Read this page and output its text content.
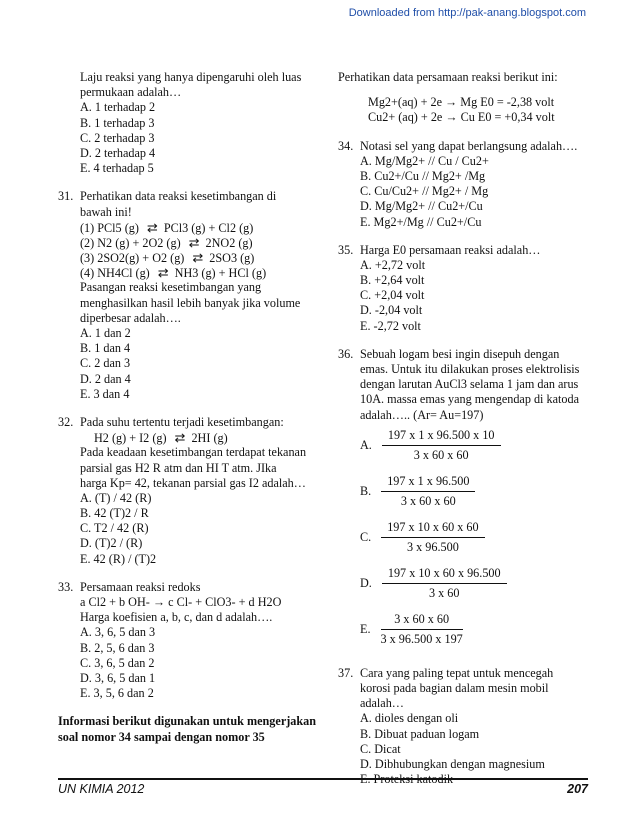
Downloaded from http://pak-anang.blogspot.com
Laju reaksi yang hanya dipengaruhi oleh luas
permukaan adalah…
A. 1 terhadap 2
B. 1 terhadap 3
C. 2 terhadap 3
D. 2 terhadap 4
E. 4 terhadap 5
31. Perhatikan data reaksi kesetimbangan di
bawah ini!
(1) PCl5 (g) ⇄ PCl3 (g) + Cl2 (g)
(2) N2 (g) + 2O2 (g) ⇄ 2NO2 (g)
(3) 2SO2(g) + O2 (g) ⇄ 2SO3 (g)
(4) NH4Cl (g) ⇄ NH3 (g) + HCl (g)
Pasangan reaksi kesetimbangan yang
menghasilkan hasil lebih banyak jika volume
diperbesar adalah….
A. 1 dan 2
B. 1 dan 4
C. 2 dan 3
D. 2 dan 4
E. 3 dan 4
32. Pada suhu tertentu terjadi kesetimbangan:
H2 (g) + I2 (g) ⇄ 2HI (g)
Pada keadaan kesetimbangan terdapat tekanan
parsial gas H2 R atm dan HI T atm. JIka
harga Kp= 42, tekanan parsial gas I2 adalah…
A. (T) / 42 (R)
B. 42 (T)2 / R
C. T2 / 42 (R)
D. (T)2 / (R)
E. 42 (R) / (T)2
33. Persamaan reaksi redoks
a Cl2 + b OH- → c Cl- + ClO3- + d H2O
Harga koefisien a, b, c, dan d adalah….
A. 3, 6, 5 dan 3
B. 2, 5, 6 dan 3
C. 3, 6, 5 dan 2
D. 3, 6, 5 dan 1
E. 3, 5, 6 dan 2
Informasi berikut digunakan untuk mengerjakan
soal nomor 34 sampai dengan nomor 35
Perhatikan data persamaan reaksi berikut ini:
Mg2+(aq) + 2e → Mg E0 = -2,38 volt
Cu2+ (aq) + 2e → Cu E0 = +0,34 volt
34. Notasi sel yang dapat berlangsung adalah….
A. Mg/Mg2+ // Cu / Cu2+
B. Cu2+/Cu // Mg2+ /Mg
C. Cu/Cu2+ // Mg2+ / Mg
D. Mg/Mg2+ // Cu2+/Cu
E. Mg2+/Mg // Cu2+/Cu
35. Harga E0 persamaan reaksi adalah…
A. +2,72 volt
B. +2,64 volt
C. +2,04 volt
D. -2,04 volt
E. -2,72 volt
36. Sebuah logam besi ingin disepuh dengan
emas. Untuk itu dilakukan proses elektrolisis
dengan larutan AuCl3 selama 1 jam dan arus
10A. massa emas yang mengendap di katoda
adalah….. (Ar= Au=197)
A. $\frac{197 x 1 x 96.500 x 10}{3 x 60 x 60}$
B. $\frac{197 x 1 x 96.500}{3 x 60 x 60}$
C. $\frac{197 x 10 x 60 x 60}{3 x 96.500}$
D. $\frac{197 x 10 x 60 x 96.500}{3 x 60}$
E. $\frac{3 x 60 x 60}{3 x 96.500 x 197}$
37. Cara yang paling tepat untuk mencegah
korosi pada bagian dalam mesin mobil
adalah…
A. dioles dengan oli
B. Dibuat paduan logam
C. Dicat
D. Dibhubungkan dengan magnesium
E. Proteksi katodik
UN KIMIA 2012	207
